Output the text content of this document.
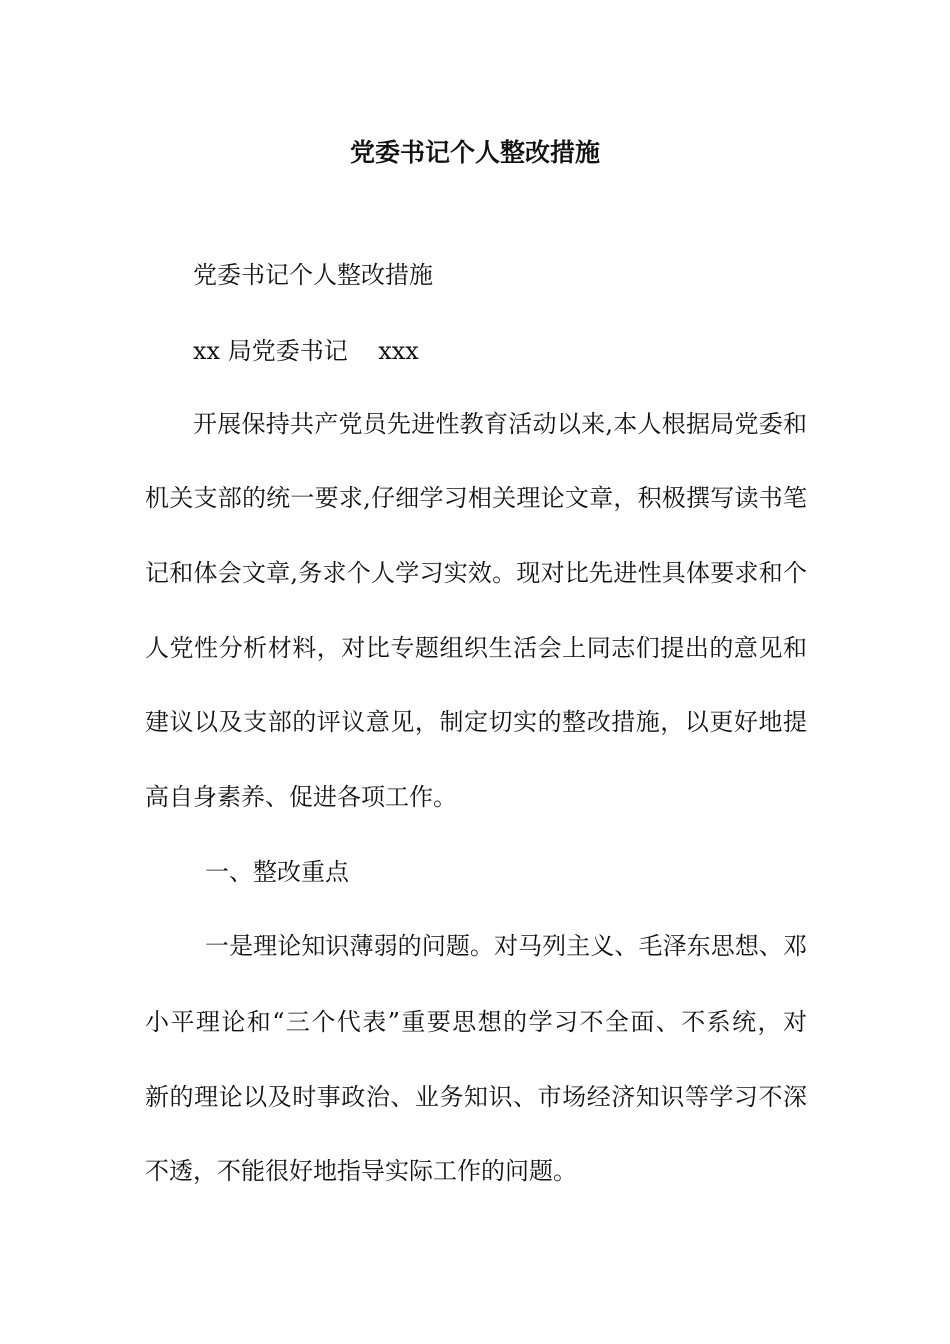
党委书记个人整改措施
党委书记个人整改措施
xx 局党委书记    xxx
开展保持共产党员先进性教育活动以来,本人根据局党委和
机关支部的统一要求,仔细学习相关理论文章，积极撰写读书笔
记和体会文章,务求个人学习实效。现对比先进性具体要求和个
人党性分析材料，对比专题组织生活会上同志们提出的意见和
建议以及支部的评议意见，制定切实的整改措施，以更好地提
高自身素养、促进各项工作。
一、整改重点
一是理论知识薄弱的问题。对马列主义、毛泽东思想、邓
小平理论和“三个代表”重要思想的学习不全面、不系统，对
新的理论以及时事政治、业务知识、市场经济知识等学习不深
不透，不能很好地指导实际工作的问题。
